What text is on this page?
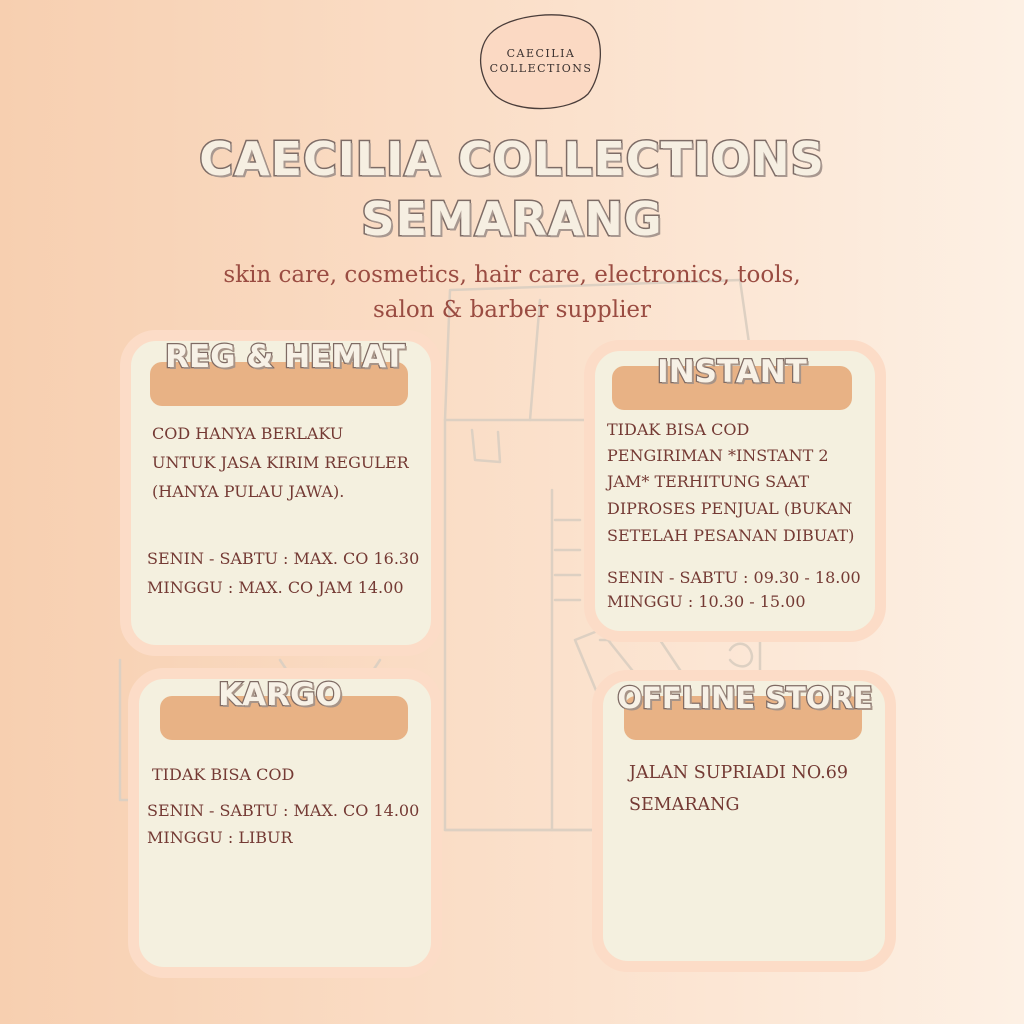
CAECILIA
COLLECTIONS
CAECILIA COLLECTIONS
SEMARANG
skin care, cosmetics, hair care, electronics, tools,
salon & barber supplier
REG & HEMAT
COD HANYA BERLAKU
UNTUK JASA KIRIM REGULER
(HANYA PULAU JAWA).
SENIN - SABTU : MAX. CO 16.30
MINGGU : MAX. CO JAM 14.00
INSTANT
TIDAK BISA COD
PENGIRIMAN *INSTANT 2
JAM* TERHITUNG SAAT
DIPROSES PENJUAL (BUKAN
SETELAH PESANAN DIBUAT)
SENIN - SABTU : 09.30 - 18.00
MINGGU : 10.30 - 15.00
KARGO
TIDAK BISA COD
SENIN - SABTU : MAX. CO 14.00
MINGGU : LIBUR
OFFLINE STORE
JALAN SUPRIADI NO.69
SEMARANG
